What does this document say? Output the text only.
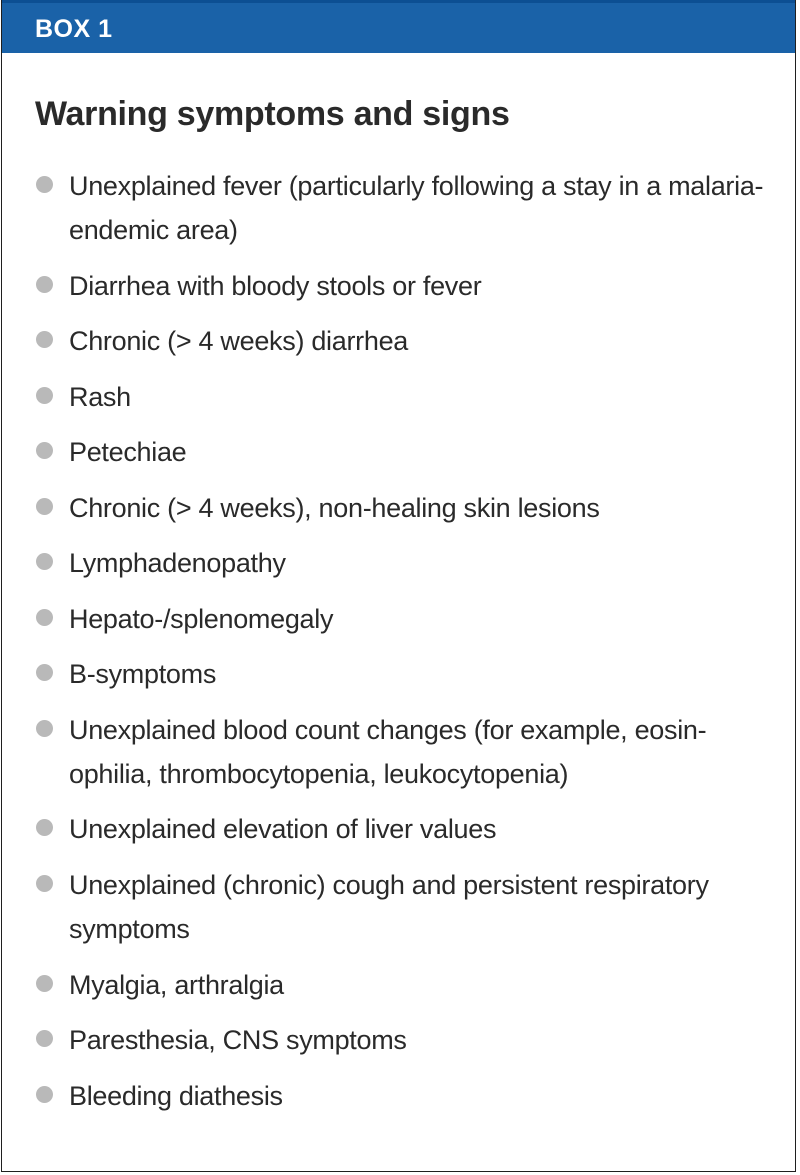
BOX 1
Warning symptoms and signs
Unexplained fever (particularly following a stay in a malaria-endemic area)
Diarrhea with bloody stools or fever
Chronic (> 4 weeks) diarrhea
Rash
Petechiae
Chronic (> 4 weeks), non-healing skin lesions
Lymphadenopathy
Hepato-/splenomegaly
B-symptoms
Unexplained blood count changes (for example, eosin-ophilia, thrombocytopenia, leukocytopenia)
Unexplained elevation of liver values
Unexplained (chronic) cough and persistent respiratory symptoms
Myalgia, arthralgia
Paresthesia, CNS symptoms
Bleeding diathesis
